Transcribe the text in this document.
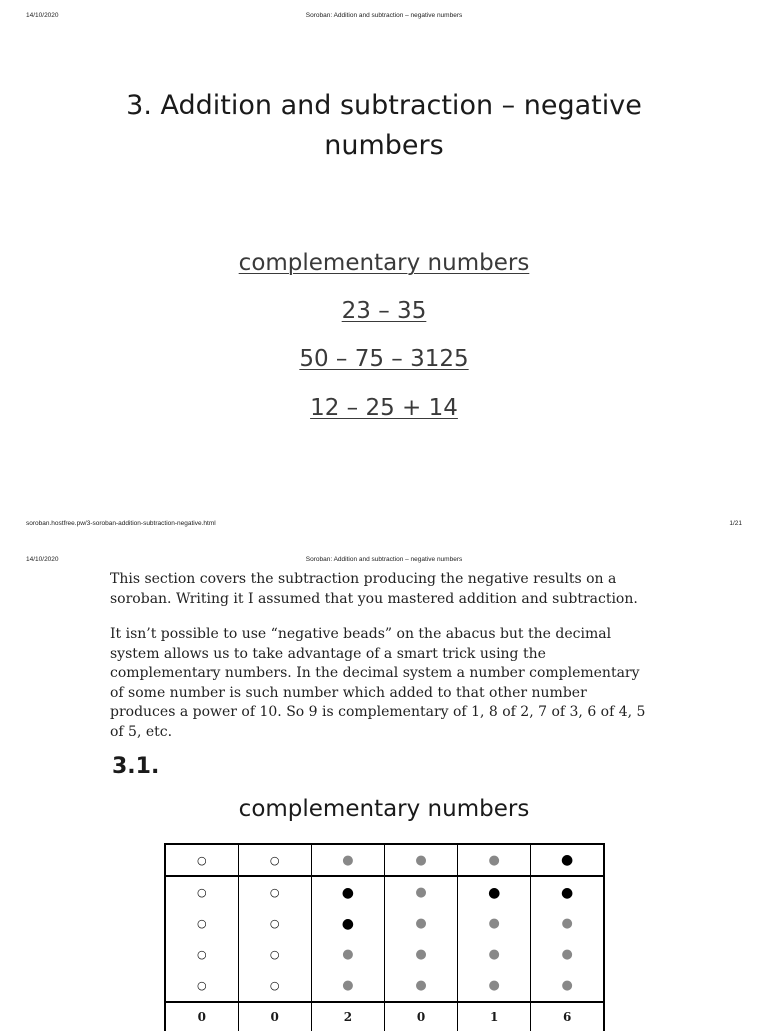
14/10/2020	Soroban: Addition and subtraction – negative numbers
3. Addition and subtraction – negative numbers
complementary numbers
23 – 35
50 – 75 – 3125
12 – 25 + 14
soroban.hostfree.pw/3-soroban-addition-subtraction-negative.html	1/21
14/10/2020	Soroban: Addition and subtraction – negative numbers

This section covers the subtraction producing the negative results on a soroban. Writing it I assumed that you mastered addition and subtraction.

It isn’t possible to use “negative beads” on the abacus but the decimal system allows us to take advantage of a smart trick using the complementary numbers. In the decimal system a number complementary of some number is such number which added to that other number produces a power of 10. So 9 is complementary of 1, 8 of 2, 7 of 3, 6 of 4, 5 of 5, etc.

3.1.
complementary numbers
○	○	●	●	●	●
○	○	●	●	●	●
○	○	●	●	●	●
○	○	●	●	●	●
○	○	●	●	●	●
0	0	2	0	1	6
